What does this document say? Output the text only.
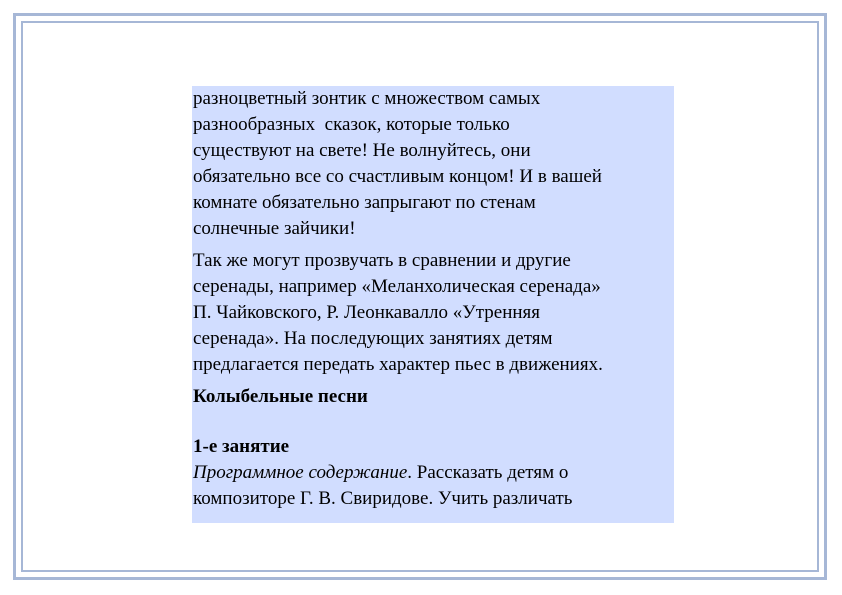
разноцветный зонтик с множеством самых
разнообразных  сказок, которые только
существуют на свете! Не волнуйтесь, они
обязательно все со счастливым концом! И в вашей
комнате обязательно запрыгают по стенам
солнечные зайчики!
Так же могут прозвучать в сравнении и другие
серенады, например «Меланхолическая серенада»
П. Чайковского, Р. Леонкавалло «Утренняя
серенада». На последующих занятиях детям
предлагается передать характер пьес в движениях.
Колыбельные песни
1-е занятие
Программное содержание. Рассказать детям о
композиторе Г. В. Свиридове. Учить различать
